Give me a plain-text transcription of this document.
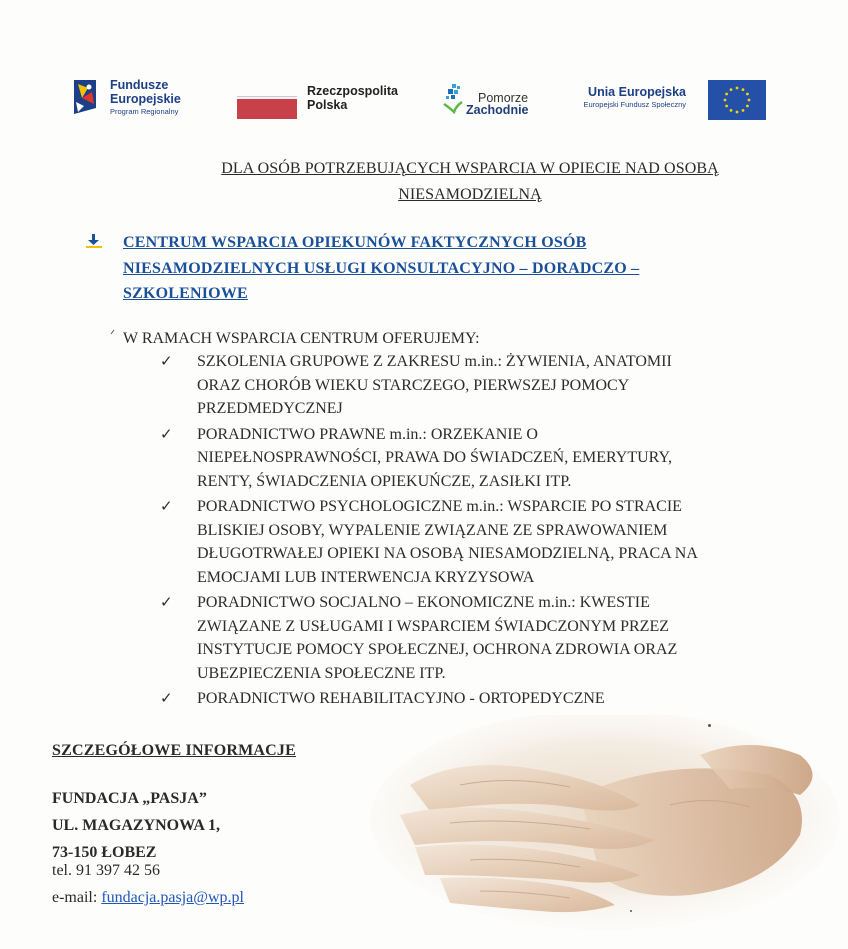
Fundusze
Europejskie
Program Regionalny
Rzeczpospolita
Polska	Pomorze
Zachodnie
Unia Europejska
Europejski Fundusz Społeczny
DLA OSÓB POTRZEBUJĄCYCH WSPARCIA W OPIECIE NAD OSOBĄ
NIESAMODZIELNĄ
CENTRUM WSPARCIA OPIEKUNÓW FAKTYCZNYCH OSÓB
NIESAMODZIELNYCH USŁUGI KONSULTACYJNO – DORADCZO –
SZKOLENIOWE
W RAMACH WSPARCIA CENTRUM OFERUJEMY:
✓ SZKOLENIA GRUPOWE Z ZAKRESU m.in.: ŻYWIENIA, ANATOMII
ORAZ CHORÓB WIEKU STARCZEGO, PIERWSZEJ POMOCY
PRZEDMEDYCZNEJ
✓ PORADNICTWO PRAWNE m.in.: ORZEKANIE O
NIEPEŁNOSPRAWNOŚCI, PRAWA DO ŚWIADCZEŃ, EMERYTURY,
RENTY, ŚWIADCZENIA OPIEKUŃCZE, ZASIŁKI ITP.
✓ PORADNICTWO PSYCHOLOGICZNE m.in.: WSPARCIE PO STRACIE
BLISKIEJ OSOBY, WYPALENIE ZWIĄZANE ZE SPRAWOWANIEM
DŁUGOTRWAŁEJ OPIEKI NA OSOBĄ NIESAMODZIELNĄ, PRACA NA
EMOCJAMI LUB INTERWENCJA KRYZYSOWA
✓ PORADNICTWO SOCJALNO – EKONOMICZNE m.in.: KWESTIE
ZWIĄZANE Z USŁUGAMI I WSPARCIEM ŚWIADCZONYM PRZEZ
INSTYTUCJE POMOCY SPOŁECZNEJ, OCHRONA ZDROWIA ORAZ
UBEZPIECZENIA SPOŁECZNE ITP.
✓ PORADNICTWO REHABILITACYJNO - ORTOPEDYCZNE
SZCZEGÓŁOWE INFORMACJE
FUNDACJA „PASJA”
UL. MAGAZYNOWA 1,
73-150 ŁOBEZ
tel. 91 397 42 56
e-mail: fundacja.pasja@wp.pl
